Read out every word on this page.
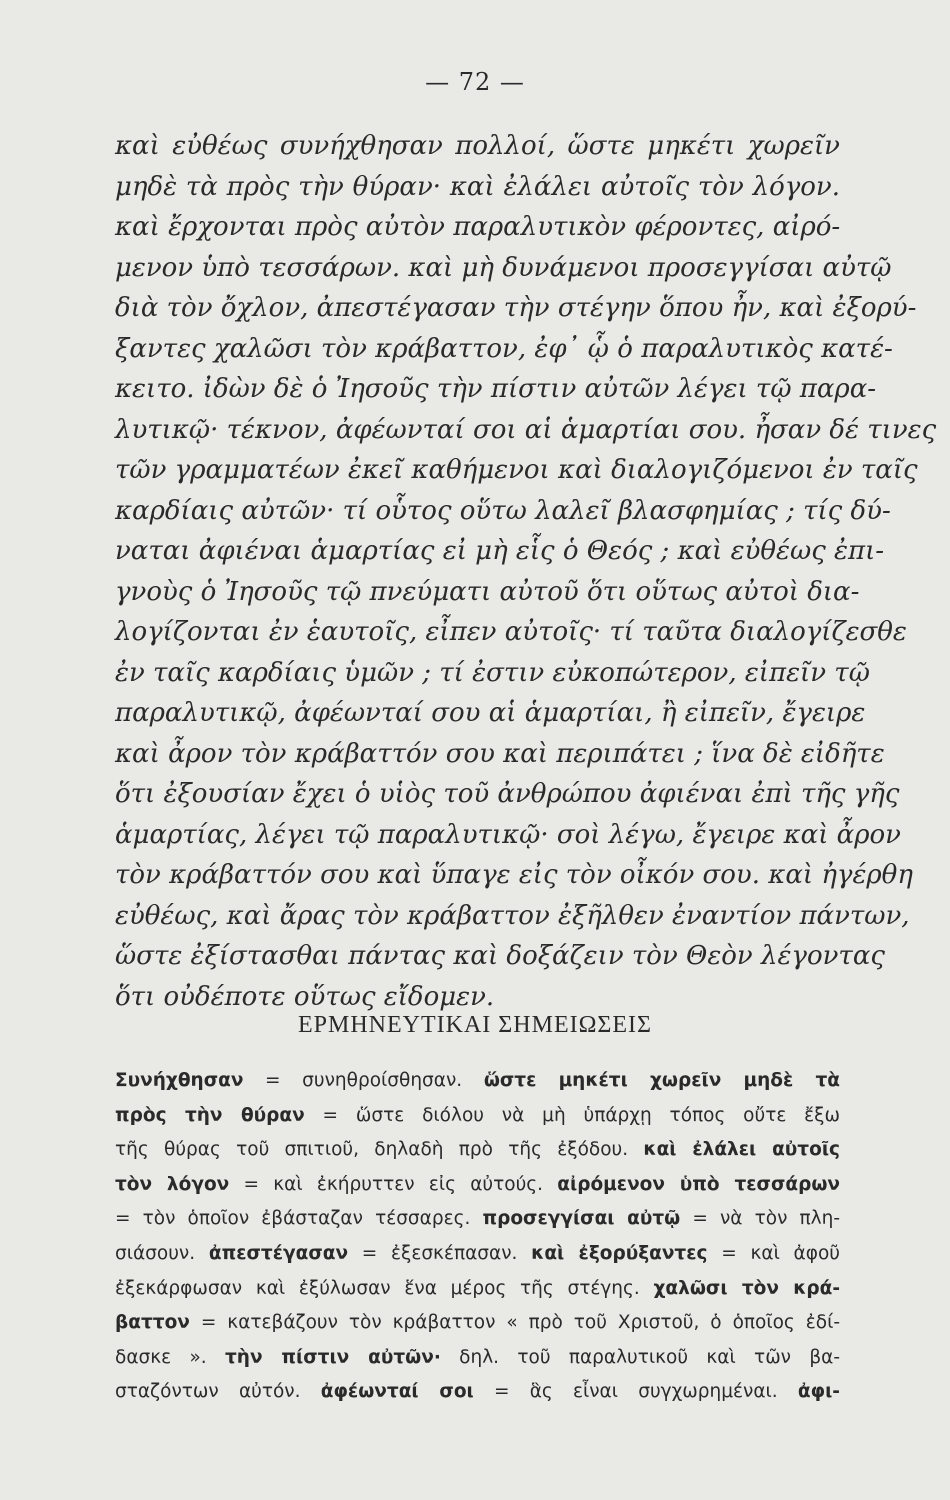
— 72 —
καὶ εὐθέως συνήχθησαν πολλοί, ὥστε μηκέτι χωρεῖν
μηδὲ τὰ πρὸς τὴν θύραν· καὶ ἐλάλει αὐτοῖς τὸν λόγον.
καὶ ἔρχονται πρὸς αὐτὸν παραλυτικὸν φέροντες, αἰρό-
μενον ὑπὸ τεσσάρων. καὶ μὴ δυνάμενοι προσεγγίσαι αὐτῷ
διὰ τὸν ὄχλον, ἀπεστέγασαν τὴν στέγην ὅπου ἦν, καὶ ἐξορύ-
ξαντες χαλῶσι τὸν κράβαττον, ἐφ᾽ ᾧ ὁ παραλυτικὸς κατέ-
κειτο. ἰδὼν δὲ ὁ Ἰησοῦς τὴν πίστιν αὐτῶν λέγει τῷ παρα-
λυτικῷ· τέκνον, ἀφέωνταί σοι αἱ ἁμαρτίαι σου. ἦσαν δέ τινες
τῶν γραμματέων ἐκεῖ καθήμενοι καὶ διαλογιζόμενοι ἐν ταῖς
καρδίαις αὐτῶν· τί οὗτος οὕτω λαλεῖ βλασφημίας ; τίς δύ-
ναται ἀφιέναι ἁμαρτίας εἰ μὴ εἷς ὁ Θεός ; καὶ εὐθέως ἐπι-
γνοὺς ὁ Ἰησοῦς τῷ πνεύματι αὐτοῦ ὅτι οὕτως αὐτοὶ δια-
λογίζονται ἐν ἑαυτοῖς, εἶπεν αὐτοῖς· τί ταῦτα διαλογίζεσθε
ἐν ταῖς καρδίαις ὑμῶν ; τί ἐστιν εὐκοπώτερον, εἰπεῖν τῷ
παραλυτικῷ, ἀφέωνταί σου αἱ ἁμαρτίαι, ἢ εἰπεῖν, ἔγειρε
καὶ ἆρον τὸν κράβαττόν σου καὶ περιπάτει ; ἵνα δὲ εἰδῆτε
ὅτι ἐξουσίαν ἔχει ὁ υἱὸς τοῦ ἀνθρώπου ἀφιέναι ἐπὶ τῆς γῆς
ἁμαρτίας, λέγει τῷ παραλυτικῷ· σοὶ λέγω, ἔγειρε καὶ ἆρον
τὸν κράβαττόν σου καὶ ὕπαγε εἰς τὸν οἶκόν σου. καὶ ἠγέρθη
εὐθέως, καὶ ἄρας τὸν κράβαττον ἐξῆλθεν ἐναντίον πάντων,
ὥστε ἐξίστασθαι πάντας καὶ δοξάζειν τὸν Θεὸν λέγοντας
ὅτι οὐδέποτε οὕτως εἴδομεν.
ΕΡΜΗΝΕΥΤΙΚΑΙ ΣΗΜΕΙΩΣΕΙΣ
Συνήχθησαν = συνηθροίσθησαν. ὥστε μηκέτι χωρεῖν μηδὲ τὰ
πρὸς τὴν θύραν = ὥστε διόλου νὰ μὴ ὑπάρχῃ τόπος οὔτε ἔξω
τῆς θύρας τοῦ σπιτιοῦ, δηλαδὴ πρὸ τῆς ἐξόδου. καὶ ἐλάλει αὐτοῖς
τὸν λόγον = καὶ ἐκήρυττεν εἰς αὐτούς. αἰρόμενον ὑπὸ τεσσάρων
= τὸν ὁποῖον ἐβάσταζαν τέσσαρες. προσεγγίσαι αὐτῷ = νὰ τὸν πλη-
σιάσουν. ἀπεστέγασαν = ἐξεσκέπασαν. καὶ ἐξορύξαντες = καὶ ἀφοῦ
ἐξεκάρφωσαν καὶ ἐξύλωσαν ἕνα μέρος τῆς στέγης. χαλῶσι τὸν κρά-
βαττον = κατεβάζουν τὸν κράβαττον « πρὸ τοῦ Χριστοῦ, ὁ ὁποῖος ἐδί-
δασκε ». τὴν πίστιν αὐτῶν· δηλ. τοῦ παραλυτικοῦ καὶ τῶν βα-
σταζόντων αὐτόν. ἀφέωνταί σοι = ἃς εἶναι συγχωρημέναι. ἀφι-
